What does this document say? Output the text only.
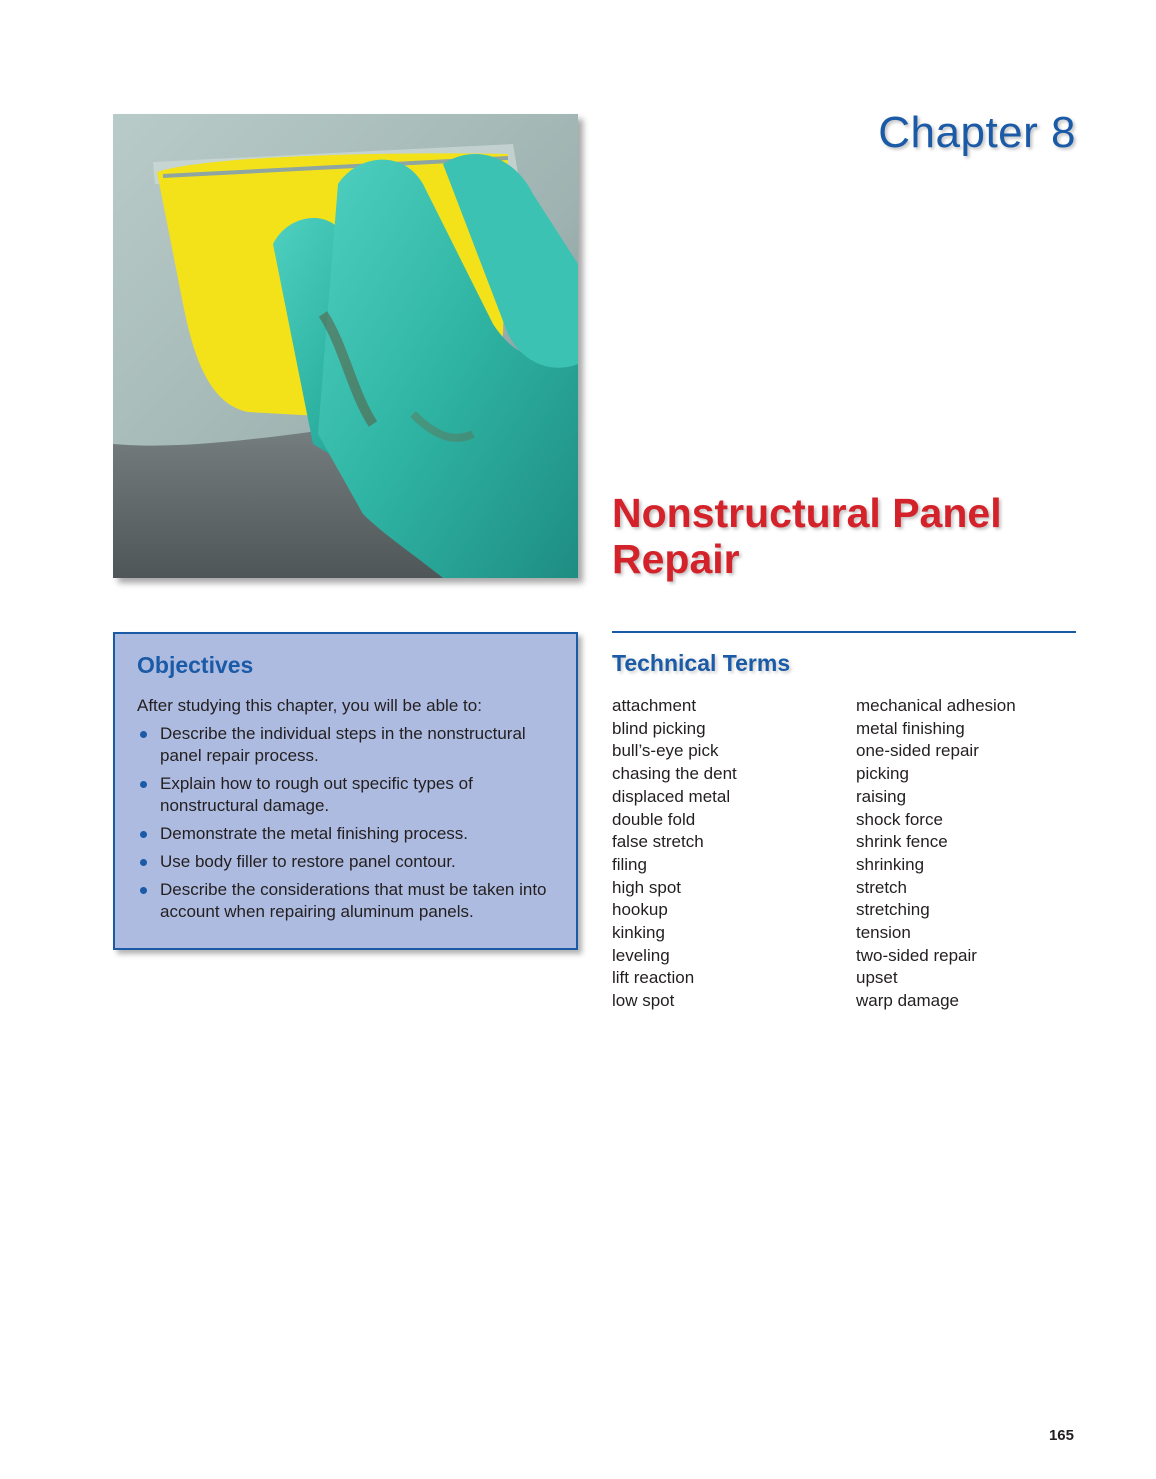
Chapter 8
Nonstructural Panel Repair
Objectives

After studying this chapter, you will be able to:

Describe the individual steps in the nonstructural panel repair process.
Explain how to rough out specific types of nonstructural damage.
Demonstrate the metal finishing process.
Use body filler to restore panel contour.
Describe the considerations that must be taken into account when repairing aluminum panels.
Technical Terms
attachment
blind picking
bull’s-eye pick
chasing the dent
displaced metal
double fold
false stretch
filing
high spot
hookup
kinking
leveling
lift reaction
low spot
mechanical adhesion
metal finishing
one-sided repair
picking
raising
shock force
shrink fence
shrinking
stretch
stretching
tension
two-sided repair
upset
warp damage
165
